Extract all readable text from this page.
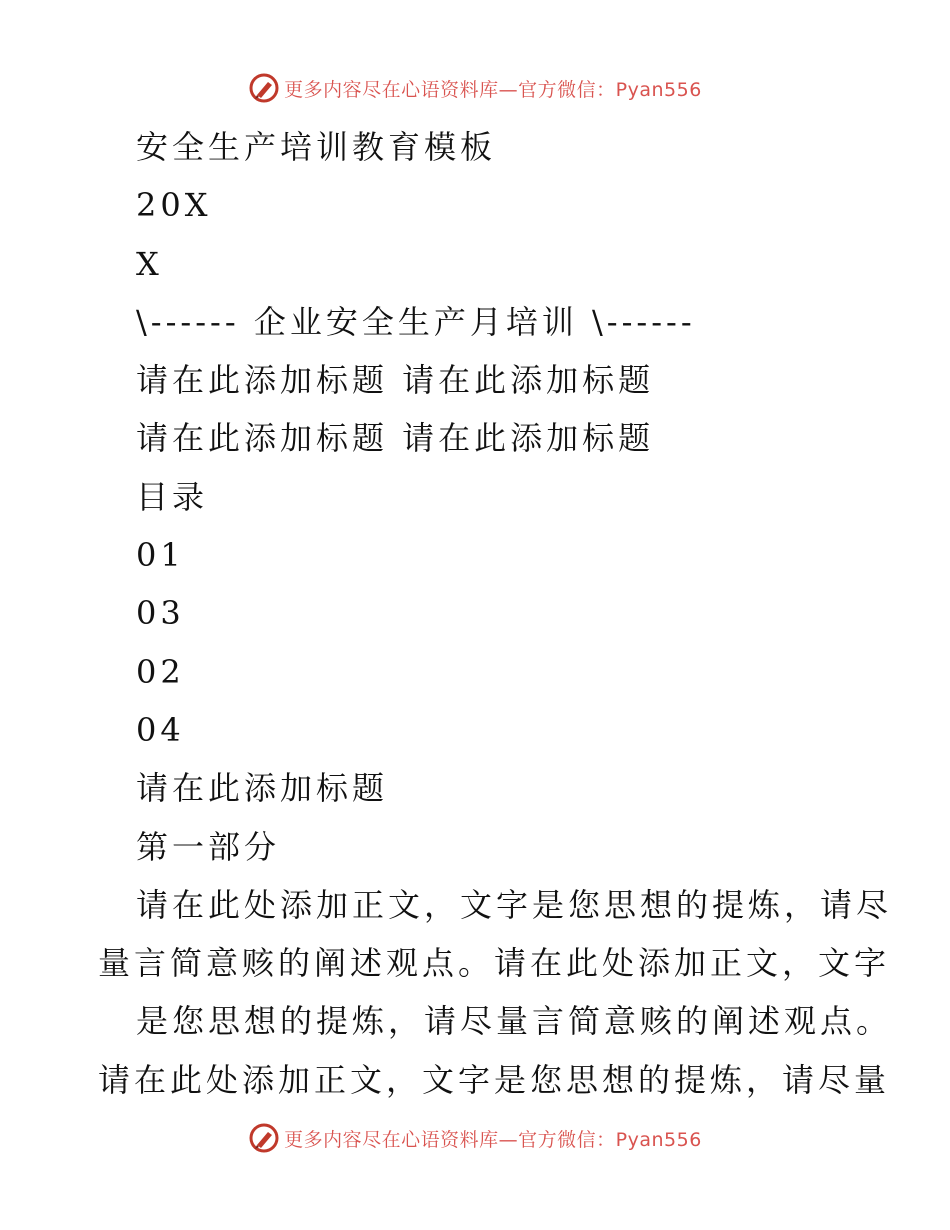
更多内容尽在心语资料库—官方微信：Pyan556

安全生产培训教育模板

20X

X

\------ 企业安全生产月培训 \------

请在此添加标题 请在此添加标题

请在此添加标题 请在此添加标题

目录

01

03

02

04

请在此添加标题

第一部分

请在此处添加正文，文字是您思想的提炼，请尽

量言简意赅的阐述观点。请在此处添加正文，文字

是您思想的提炼，请尽量言简意赅的阐述观点。

请在此处添加正文，文字是您思想的提炼，请尽量

更多内容尽在心语资料库—官方微信：Pyan556
